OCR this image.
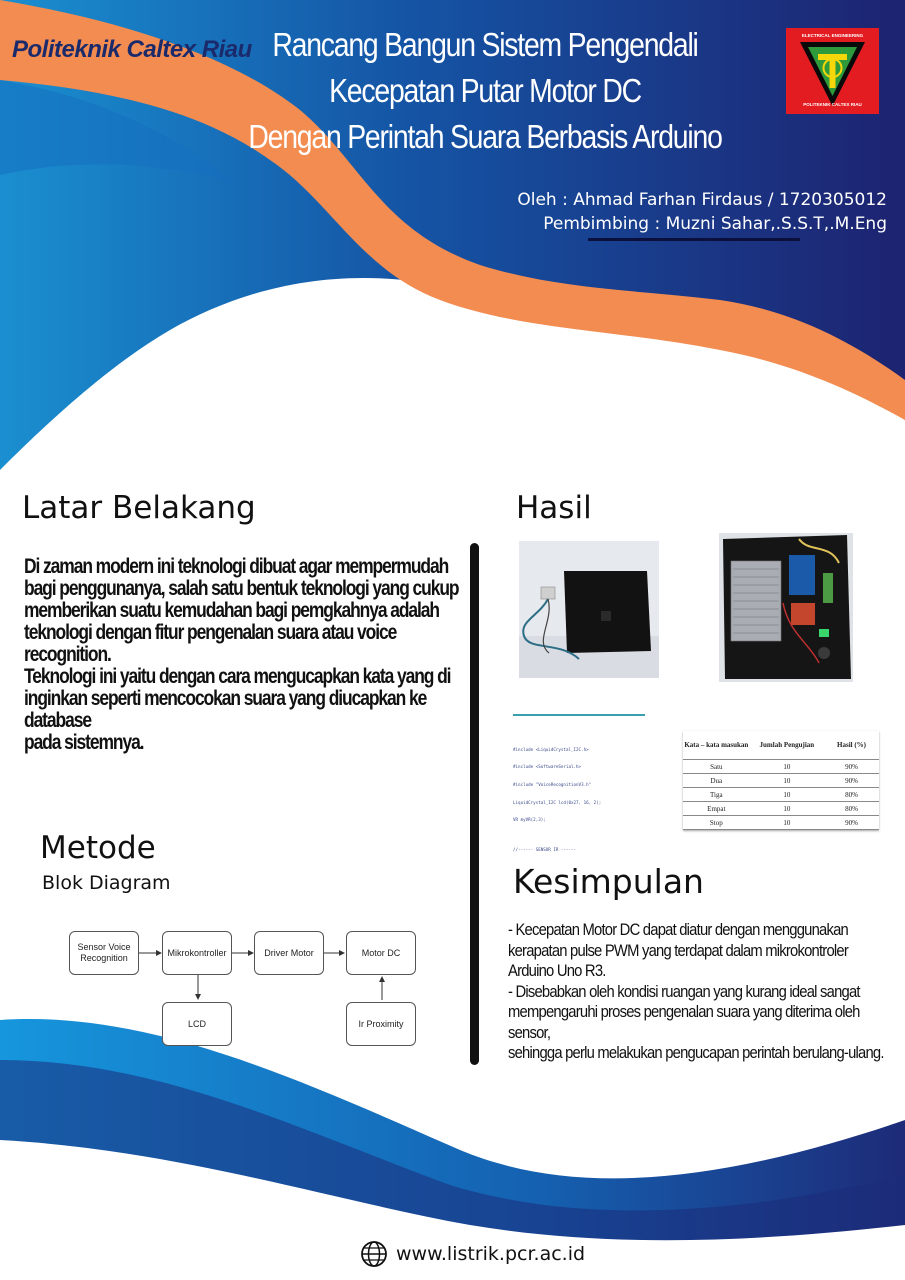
Politeknik Caltex Riau Rancang Bangun Sistem Pengendali Kecepatan Putar Motor DC
Dengan Perintah Suara Berbasis Arduino
ELECTRICAL ENGINEERING
POLITEKNIK CALTEX RIAU
Oleh : Ahmad Farhan Firdaus / 1720305012
Pembimbing : Muzni Sahar,.S.S.T,.M.Eng
Latar Belakang
Di zaman modern ini teknologi dibuat agar mempermudah
bagi penggunanya, salah satu bentuk teknologi yang cukup
memberikan suatu kemudahan bagi pemgkahnya adalah
teknologi dengan fitur pengenalan suara atau voice recognition.
Teknologi ini yaitu dengan cara mengucapkan kata yang di
inginkan seperti mencocokan suara yang diucapkan ke database
pada sistemnya.
Metode
Blok Diagram
Sensor Voice Recognition
Mikrokontroller	Driver Motor	Motor DC
LCD	Ir Proximity
Hasil

#include <LiquidCrystal_I2C.h>

#include <SoftwareSerial.h>

#include "VoiceRecognitionV3.h"

LiquidCrystal_I2C lcd(0x27, 16, 2);

VR myVR(2,3);

//------ SENSOR IR ------

Kata – kata masukan	Jumlah Pengujian	Hasil (%)
Satu	10	90%
Dua	10	90%
Tiga	10	80%
Empat	10	80%
Stop	10	90%
Kesimpulan
- Kecepatan Motor DC dapat diatur dengan menggunakan
kerapatan pulse PWM yang terdapat dalam mikrokontroler
Arduino Uno R3.
- Disebabkan oleh kondisi ruangan yang kurang ideal sangat
mempengaruhi proses pengenalan suara yang diterima oleh sensor,
sehingga perlu melakukan pengucapan perintah berulang-ulang.
www.listrik.pcr.ac.id
